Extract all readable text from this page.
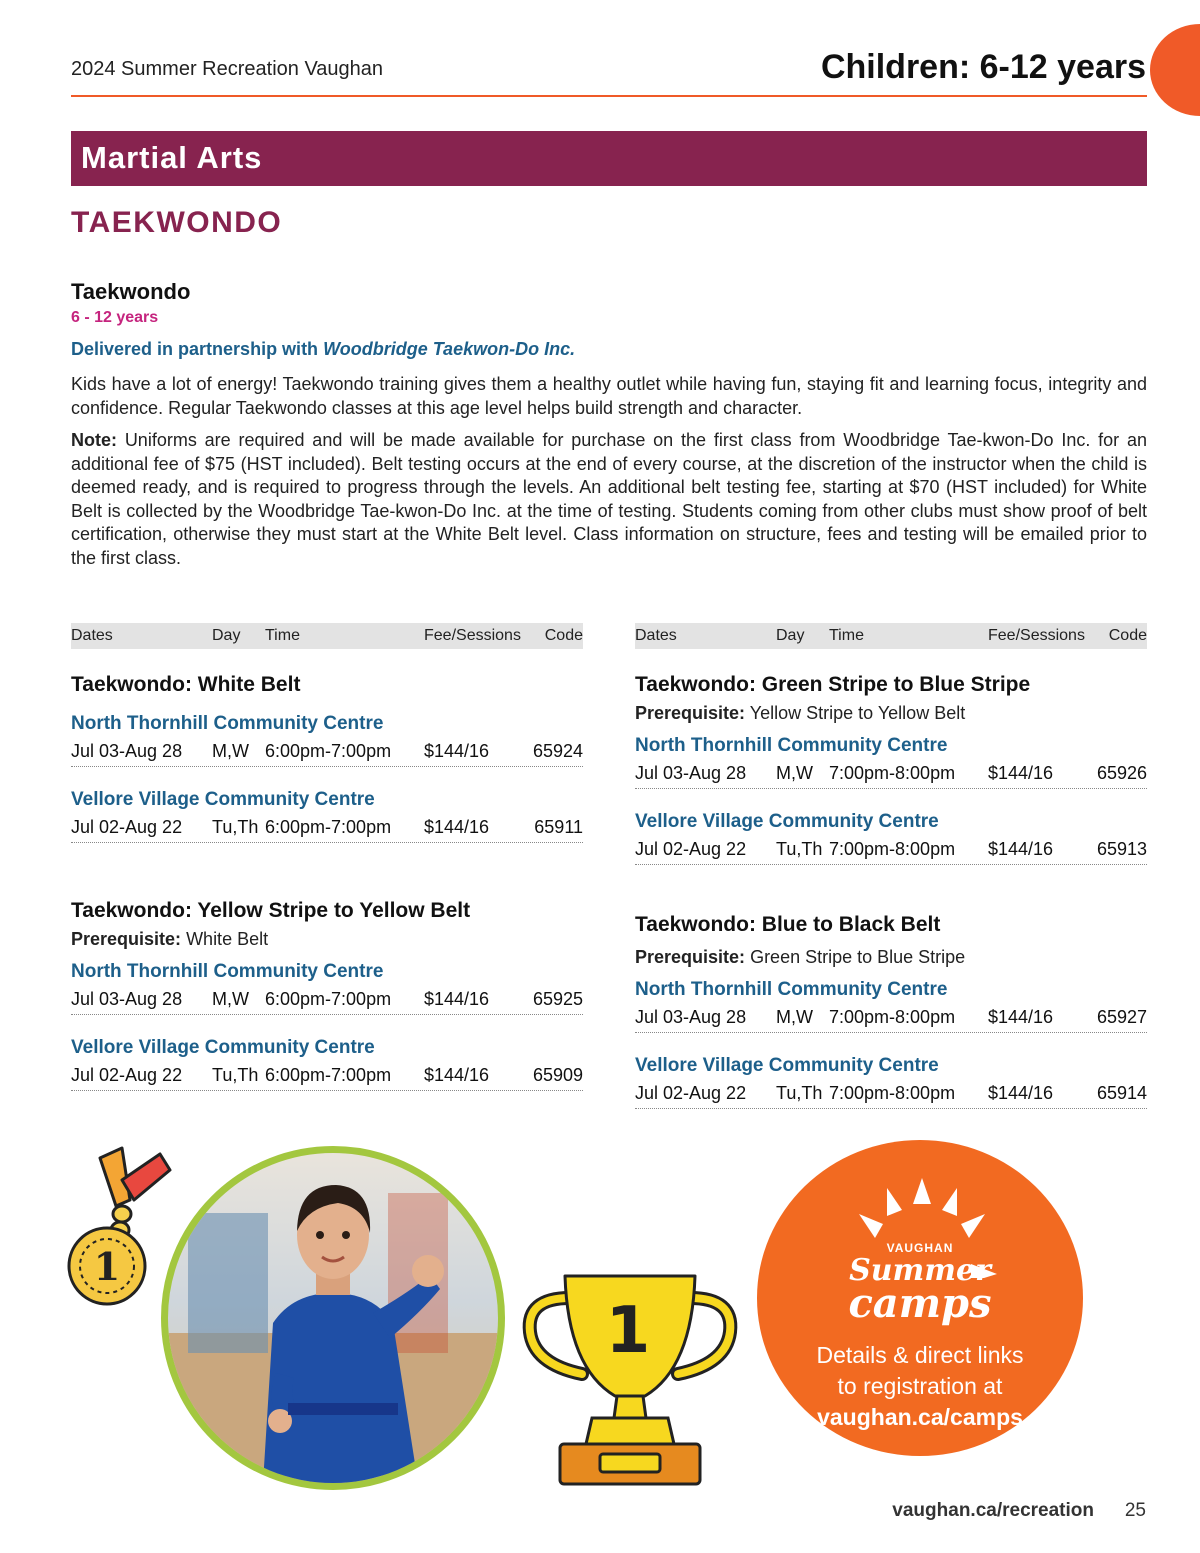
2024 Summer Recreation Vaughan	Children: 6-12 years
Martial Arts
TAEKWONDO
Taekwondo
6 - 12 years
Delivered in partnership with Woodbridge Taekwon-Do Inc.

Kids have a lot of energy! Taekwondo training gives them a healthy outlet while having fun, staying fit and learning focus, integrity and confidence. Regular Taekwondo classes at this age level helps build strength and character.

Note: Uniforms are required and will be made available for purchase on the first class from Woodbridge Tae-kwon-Do Inc. for an additional fee of $75 (HST included). Belt testing occurs at the end of every course, at the discretion of the instructor when the child is deemed ready, and is required to progress through the levels. An additional belt testing fee, starting at $70 (HST included) for White Belt is collected by the Woodbridge Tae-kwon-Do Inc. at the time of testing. Students coming from other clubs must show proof of belt certification, otherwise they must start at the White Belt level. Class information on structure, fees and testing will be emailed prior to the first class.

Dates	Day Time	Fee/Sessions Code
Taekwondo: White Belt
North Thornhill Community Centre
Jul 03-Aug 28 M,W 6:00pm-7:00pm $144/16 65924
Vellore Village Community Centre
Jul 02-Aug 22 Tu,Th 6:00pm-7:00pm $144/16	65911
Taekwondo: Yellow Stripe to Yellow Belt
Prerequisite: White Belt
North Thornhill Community Centre
Jul 03-Aug 28 M,W 6:00pm-7:00pm $144/16 65925
Vellore Village Community Centre
Jul 02-Aug 22 Tu,Th 6:00pm-7:00pm $144/16 65909
Dates	Day Time	Fee/Sessions Code
Taekwondo: Green Stripe to Blue Stripe
Prerequisite: Yellow Stripe to Yellow Belt
North Thornhill Community Centre
Jul 03-Aug 28 M,W 7:00pm-8:00pm $144/16 65926
Vellore Village Community Centre
Jul 02-Aug 22 Tu,Th 7:00pm-8:00pm $144/16 65913
Taekwondo: Blue to Black Belt
Prerequisite: Green Stripe to Blue Stripe
North Thornhill Community Centre
Jul 03-Aug 28 M,W 7:00pm-8:00pm $144/16 65927
Vellore Village Community Centre
Jul 02-Aug 22 Tu,Th 7:00pm-8:00pm $144/16 65914
1
1
VAUGHAN
Summer
camps
Details & direct links
to registration at
vaughan.ca/camps
vaughan.ca/recreation 25
